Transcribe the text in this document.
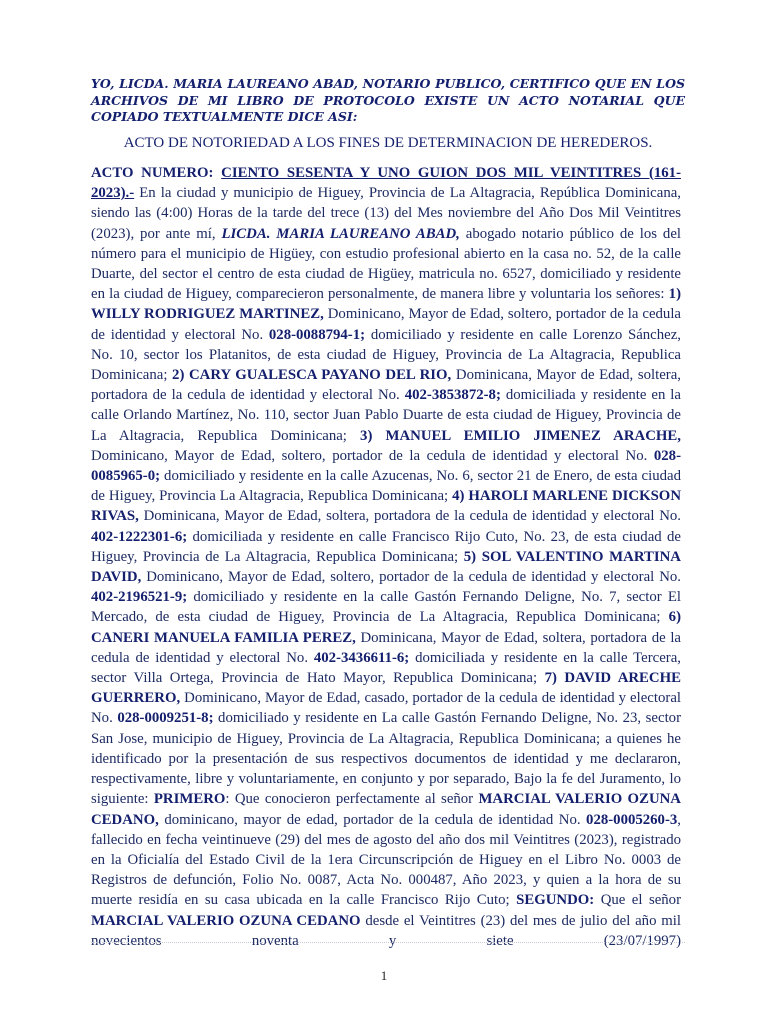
YO, LICDA. MARIA LAUREANO ABAD, NOTARIO PUBLICO, CERTIFICO QUE EN LOS ARCHIVOS DE MI LIBRO DE PROTOCOLO EXISTE UN ACTO NOTARIAL QUE COPIADO TEXTUALMENTE DICE ASI:
ACTO DE NOTORIEDAD A LOS FINES DE DETERMINACION DE HEREDEROS.
ACTO NUMERO: CIENTO SESENTA Y UNO GUION DOS MIL VEINTITRES (161-2023).- En la ciudad y municipio de Higuey, Provincia de La Altagracia, República Dominicana, siendo las (4:00) Horas de la tarde del trece (13) del Mes noviembre del Año Dos Mil Veintitres (2023), por ante mí, LICDA. MARIA LAUREANO ABAD, abogado notario público de los del número para el municipio de Higüey, con estudio profesional abierto en la casa no. 52, de la calle Duarte, del sector el centro de esta ciudad de Higüey, matricula no. 6527, domiciliado y residente en la ciudad de Higuey, comparecieron personalmente, de manera libre y voluntaria los señores: 1) WILLY RODRIGUEZ MARTINEZ, Dominicano, Mayor de Edad, soltero, portador de la cedula de identidad y electoral No. 028-0088794-1; domiciliado y residente en calle Lorenzo Sánchez, No. 10, sector los Platanitos, de esta ciudad de Higuey, Provincia de La Altagracia, Republica Dominicana; 2) CARY GUALESCA PAYANO DEL RIO, Dominicana, Mayor de Edad, soltera, portadora de la cedula de identidad y electoral No. 402-3853872-8; domiciliada y residente en la calle Orlando Martínez, No. 110, sector Juan Pablo Duarte de esta ciudad de Higuey, Provincia de La Altagracia, Republica Dominicana; 3) MANUEL EMILIO JIMENEZ ARACHE, Dominicano, Mayor de Edad, soltero, portador de la cedula de identidad y electoral No. 028-0085965-0; domiciliado y residente en la calle Azucenas, No. 6, sector 21 de Enero, de esta ciudad de Higuey, Provincia La Altagracia, Republica Dominicana; 4) HAROLI MARLENE DICKSON RIVAS, Dominicana, Mayor de Edad, soltera, portadora de la cedula de identidad y electoral No. 402-1222301-6; domiciliada y residente en calle Francisco Rijo Cuto, No. 23, de esta ciudad de Higuey, Provincia de La Altagracia, Republica Dominicana; 5) SOL VALENTINO MARTINA DAVID, Dominicano, Mayor de Edad, soltero, portador de la cedula de identidad y electoral No. 402-2196521-9; domiciliado y residente en la calle Gastón Fernando Deligne, No. 7, sector El Mercado, de esta ciudad de Higuey, Provincia de La Altagracia, Republica Dominicana; 6) CANERI MANUELA FAMILIA PEREZ, Dominicana, Mayor de Edad, soltera, portadora de la cedula de identidad y electoral No. 402-3436611-6; domiciliada y residente en la calle Tercera, sector Villa Ortega, Provincia de Hato Mayor, Republica Dominicana; 7) DAVID ARECHE GUERRERO, Dominicano, Mayor de Edad, casado, portador de la cedula de identidad y electoral No. 028-0009251-8; domiciliado y residente en La calle Gastón Fernando Deligne, No. 23, sector San Jose, municipio de Higuey, Provincia de La Altagracia, Republica Dominicana; a quienes he identificado por la presentación de sus respectivos documentos de identidad y me declararon, respectivamente, libre y voluntariamente, en conjunto y por separado, Bajo la fe del Juramento, lo siguiente: PRIMERO: Que conocieron perfectamente al señor MARCIAL VALERIO OZUNA CEDANO, dominicano, mayor de edad, portador de la cedula de identidad No. 028-0005260-3, fallecido en fecha veintinueve (29) del mes de agosto del año dos mil Veintitres (2023), registrado en la Oficialía del Estado Civil de la 1era Circunscripción de Higuey en el Libro No. 0003 de Registros de defunción, Folio No. 0087, Acta No. 000487, Año 2023, y quien a la hora de su muerte residía en su casa ubicada en la calle Francisco Rijo Cuto; SEGUNDO: Que el señor MARCIAL VALERIO OZUNA CEDANO desde el Veintitres (23) del mes de julio del año mil novecientos noventa y siete (23/07/1997)
1
